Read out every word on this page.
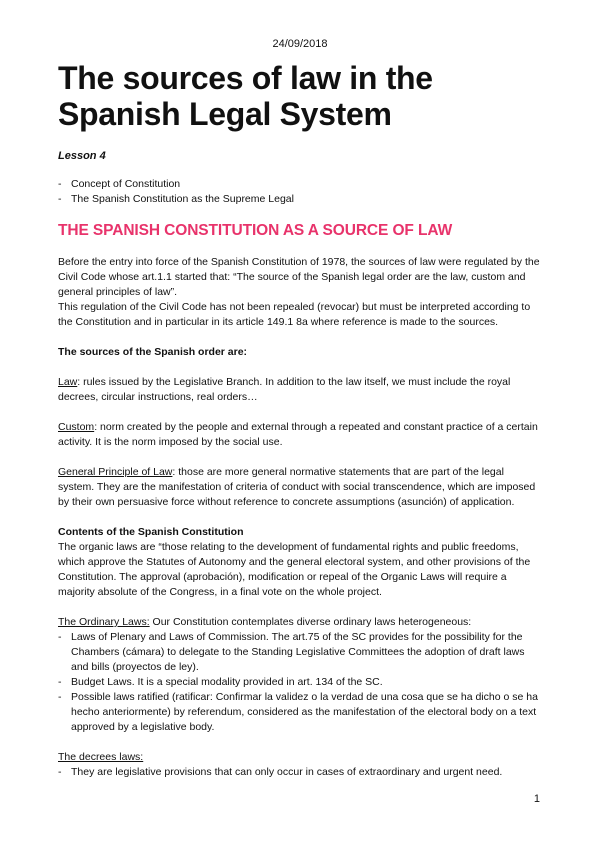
24/09/2018
The sources of law in the Spanish Legal System
Lesson 4
- Concept of Constitution
- The Spanish Constitution as the Supreme Legal
THE SPANISH CONSTITUTION AS A SOURCE OF LAW

Before the entry into force of the Spanish Constitution of 1978, the sources of law were regulated by the Civil Code whose art.1.1 started that: “The source of the Spanish legal order are the law, custom and general principles of law”.

This regulation of the Civil Code has not been repealed (revocar) but must be interpreted according to the Constitution and in particular in its article 149.1 8a where reference is made to the sources.

The sources of the Spanish order are:

Law: rules issued by the Legislative Branch. In addition to the law itself, we must include the royal decrees, circular instructions, real orders…

Custom: norm created by the people and external through a repeated and constant practice of a certain activity. It is the norm imposed by the social use.

General Principle of Law: those are more general normative statements that are part of the legal system. They are the manifestation of criteria of conduct with social transcendence, which are imposed by their own persuasive force without reference to concrete assumptions (asunción) of application.

Contents of the Spanish Constitution

The organic laws are “those relating to the development of fundamental rights and public freedoms, which approve the Statutes of Autonomy and the general electoral system, and other provisions of the Constitution. The approval (aprobación), modification or repeal of the Organic Laws will require a majority absolute of the Congress, in a final vote on the whole project.

The Ordinary Laws: Our Constitution contemplates diverse ordinary laws heterogeneous:

- Laws of Plenary and Laws of Commission. The art.75 of the SC provides for the possibility for the Chambers (cámara) to delegate to the Standing Legislative Committees the adoption of draft laws and bills (proyectos de ley).
- Budget Laws. It is a special modality provided in art. 134 of the SC.
- Possible laws ratified (ratificar: Confirmar la validez o la verdad de una cosa que se ha dicho o se ha hecho anteriormente) by referendum, considered as the manifestation of the electoral body on a text approved by a legislative body.

The decrees laws:

- They are legislative provisions that can only occur in cases of extraordinary and urgent need.
1
